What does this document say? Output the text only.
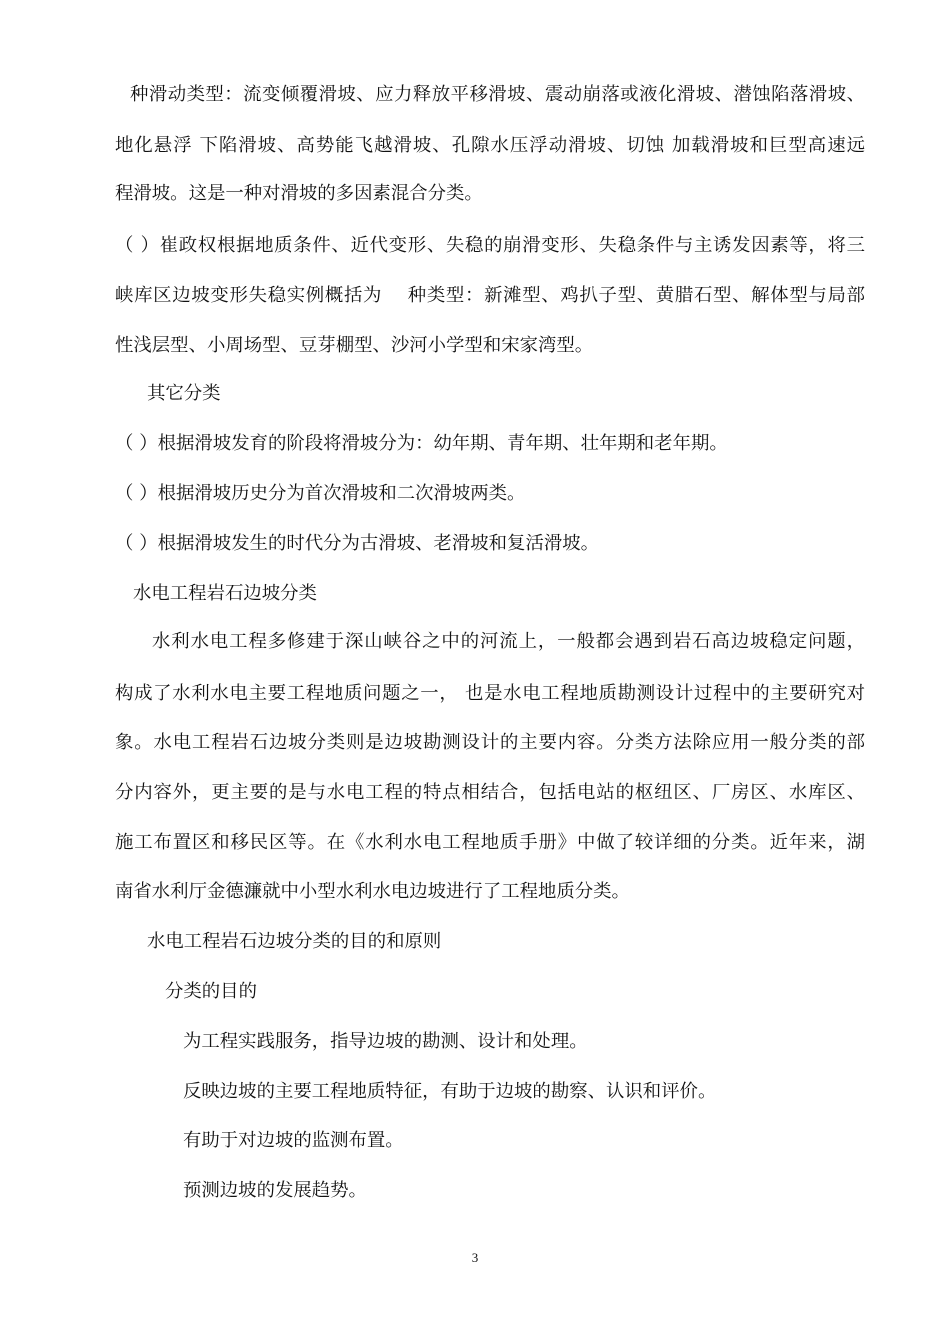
种滑动类型：流变倾覆滑坡、应力释放平移滑坡、震动崩落或液化滑坡、潜蚀陷落滑坡、
地化悬浮 下陷滑坡、高势能飞越滑坡、孔隙水压浮动滑坡、切蚀 加载滑坡和巨型高速远
程滑坡。这是一种对滑坡的多因素混合分类。
（ ）崔政权根据地质条件、近代变形、失稳的崩滑变形、失稳条件与主诱发因素等，将三
峡库区边坡变形失稳实例概括为　 种类型：新滩型、鸡扒子型、黄腊石型、解体型与局部
性浅层型、小周场型、豆芽棚型、沙河小学型和宋家湾型。
其它分类
（ ）根据滑坡发育的阶段将滑坡分为：幼年期、青年期、壮年期和老年期。
（ ）根据滑坡历史分为首次滑坡和二次滑坡两类。
（ ）根据滑坡发生的时代分为古滑坡、老滑坡和复活滑坡。
水电工程岩石边坡分类
水利水电工程多修建于深山峡谷之中的河流上，一般都会遇到岩石高边坡稳定问题，
构成了水利水电主要工程地质问题之一， 也是水电工程地质勘测设计过程中的主要研究对
象。水电工程岩石边坡分类则是边坡勘测设计的主要内容。分类方法除应用一般分类的部
分内容外，更主要的是与水电工程的特点相结合，包括电站的枢纽区、厂房区、水库区、
施工布置区和移民区等。在《水利水电工程地质手册》中做了较详细的分类。近年来，湖
南省水利厅金德濂就中小型水利水电边坡进行了工程地质分类。
水电工程岩石边坡分类的目的和原则
分类的目的
为工程实践服务，指导边坡的勘测、设计和处理。
反映边坡的主要工程地质特征，有助于边坡的勘察、认识和评价。
有助于对边坡的监测布置。
预测边坡的发展趋势。
3
